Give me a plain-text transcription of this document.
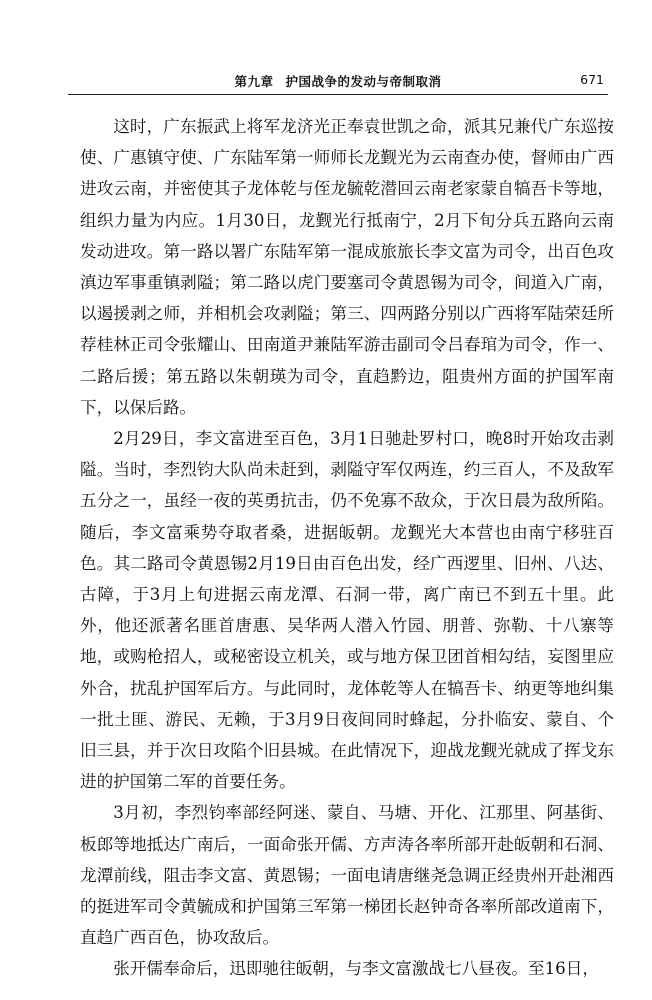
第九章 护国战争的发动与帝制取消	671

这时，广东振武上将军龙济光正奉袁世凯之命，派其兄兼代广东巡按使、广惠镇守使、广东陆军第一师师长龙觐光为云南查办使，督师由广西进攻云南，并密使其子龙体乾与侄龙毓乾潜回云南老家蒙自犒吾卡等地，组织力量为内应。1月30日，龙觐光行抵南宁，2月下旬分兵五路向云南发动进攻。第一路以署广东陆军第一混成旅旅长李文富为司令，出百色攻滇边军事重镇剥隘；第二路以虎门要塞司令黄恩锡为司令，间道入广南，以遏援剥之师，并相机会攻剥隘；第三、四两路分别以广西将军陆荣廷所荐桂林正司令张耀山、田南道尹兼陆军游击副司令吕春琯为司令，作一、二路后援；第五路以朱朝瑛为司令，直趋黔边，阻贵州方面的护国军南下，以保后路。

2月29日，李文富进至百色，3月1日驰赴罗村口，晚8时开始攻击剥隘。当时，李烈钧大队尚未赶到，剥隘守军仅两连，约三百人，不及敌军五分之一，虽经一夜的英勇抗击，仍不免寡不敌众，于次日晨为敌所陷。随后，李文富乘势夺取者桑，进据皈朝。龙觐光大本营也由南宁移驻百色。其二路司令黄恩锡2月19日由百色出发，经广西逻里、旧州、八达、古障，于3月上旬进据云南龙潭、石洞一带，离广南已不到五十里。此外，他还派著名匪首唐惠、吴华两人潜入竹园、朋普、弥勒、十八寨等地，或购枪招人，或秘密设立机关，或与地方保卫团首相勾结，妄图里应外合，扰乱护国军后方。与此同时，龙体乾等人在犒吾卡、纳更等地纠集一批土匪、游民、无赖，于3月9日夜间同时蜂起，分扑临安、蒙自、个旧三县，并于次日攻陷个旧县城。在此情况下，迎战龙觐光就成了挥戈东进的护国第二军的首要任务。

3月初，李烈钧率部经阿迷、蒙自、马塘、开化、江那里、阿基街、板郎等地抵达广南后，一面命张开儒、方声涛各率所部开赴皈朝和石洞、龙潭前线，阻击李文富、黄恩锡；一面电请唐继尧急调正经贵州开赴湘西的挺进军司令黄毓成和护国第三军第一梯团长赵钟奇各率所部改道南下，直趋广西百色，协攻敌后。

张开儒奉命后，迅即驰往皈朝，与李文富激战七八昼夜。至16日，
